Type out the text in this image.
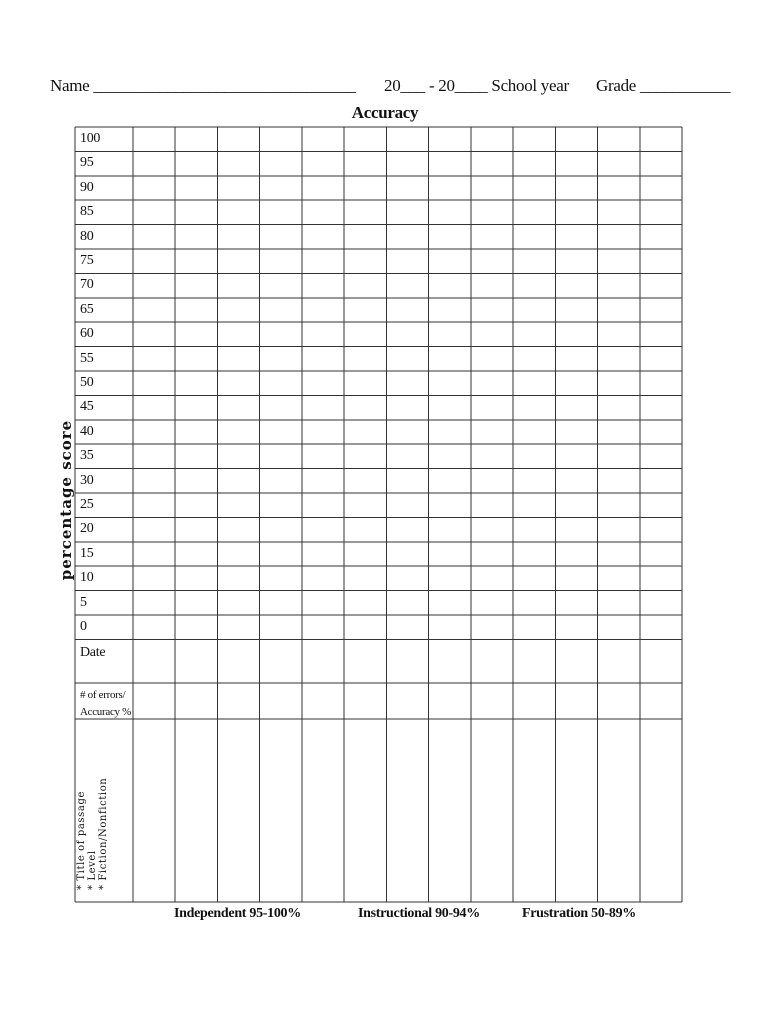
Name ________________________________ 20___ - 20____ School year Grade ___________
Accuracy
percentage score
100
95
90
85
80
75
70
65
60
55
50
45
40
35
30
25
20
15
10
5
0
Date
# of errors/
Accuracy %
* Title of passage * Level * Fiction/Nonfiction
Independent 95-100%	Instructional 90-94%	Frustration 50-89%
